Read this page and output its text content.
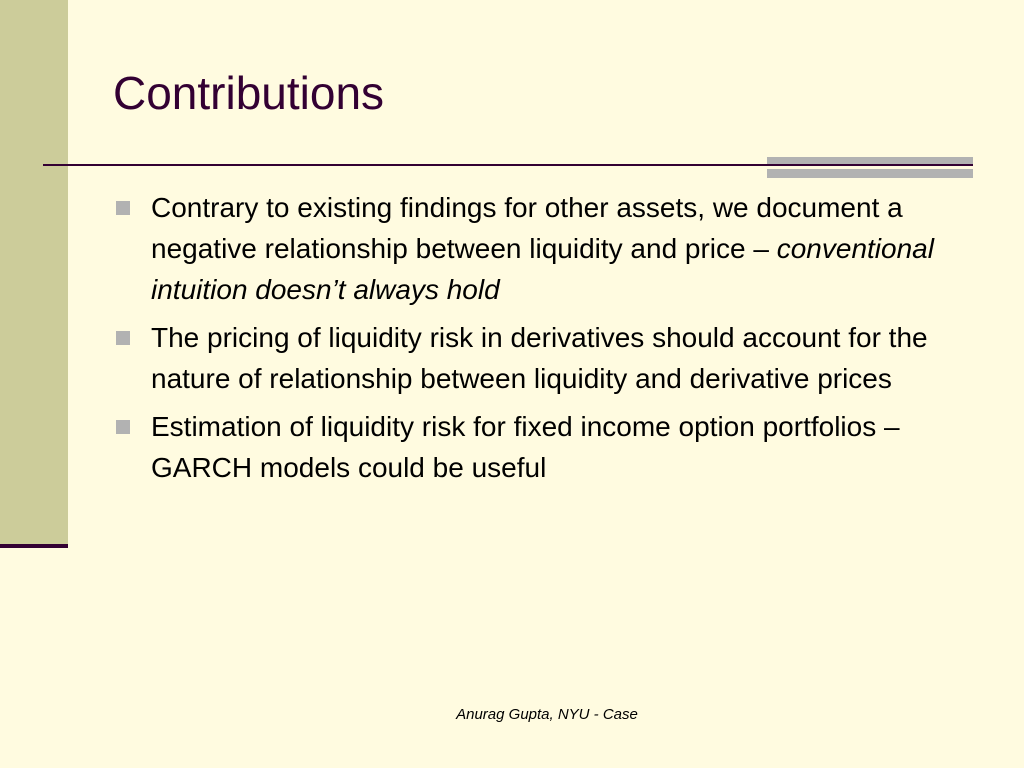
Contributions
Contrary to existing findings for other assets, we document a negative relationship between liquidity and price – conventional intuition doesn’t always hold
The pricing of liquidity risk in derivatives should account for the nature of relationship between liquidity and derivative prices
Estimation of liquidity risk for fixed income option portfolios – GARCH models could be useful
Anurag Gupta, NYU - Case
